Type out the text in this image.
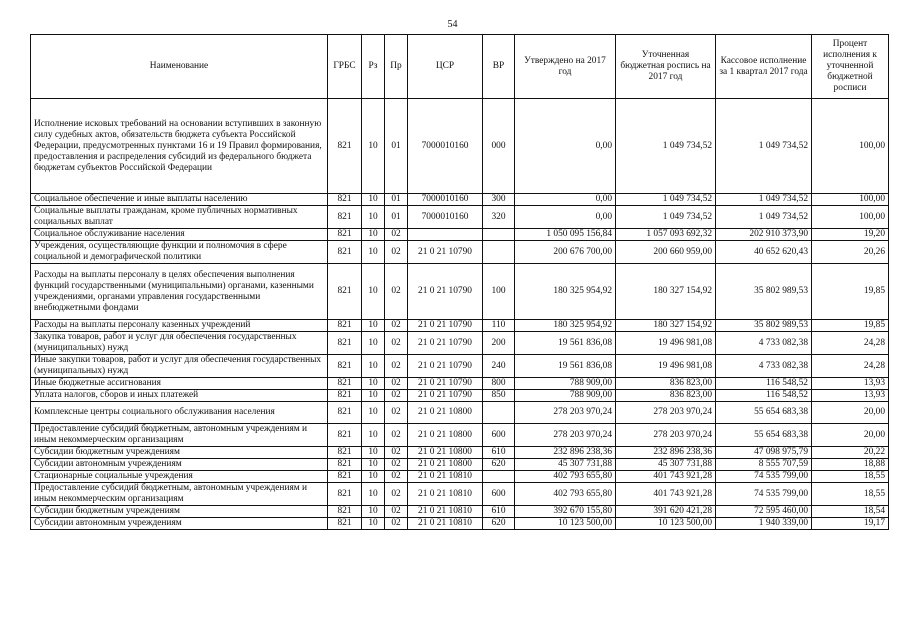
54
Наименование	ГРБС	Рз	Пр	ЦСР	ВР	Утверждено на 2017 год	Уточненная бюджетная роспись на 2017 год	Кассовое исполнение за 1 квартал 2017 года	Процент исполнения к уточненной бюджетной росписи
Исполнение исковых требований на основании вступивших в законную силу судебных актов, обязательств бюджета субъекта Российской Федерации, предусмотренных пунктами 16 и 19 Правил формирования, предоставления и распределения субсидий из федерального бюджета бюджетам субъектов Российской Федерации	821	10	01	7000010160	000	0,00	1 049 734,52	1 049 734,52	100,00
Социальное обеспечение и иные выплаты населению	821	10	01	7000010160	300	0,00	1 049 734,52	1 049 734,52	100,00
Социальные выплаты гражданам, кроме публичных нормативных социальных выплат	821	10	01	7000010160	320	0,00	1 049 734,52	1 049 734,52	100,00
Социальное обслуживание населения	821	10	02			1 050 095 156,84	1 057 093 692,32	202 910 373,90	19,20
Учреждения, осуществляющие функции и полномочия в сфере социальной и демографической политики	821	10	02	21 0 21 10790		200 676 700,00	200 660 959,00	40 652 620,43	20,26
Расходы на выплаты персоналу в целях обеспечения выполнения функций государственными (муниципальными) органами, казенными учреждениями, органами управления государственными внебюджетными фондами	821	10	02	21 0 21 10790	100	180 325 954,92	180 327 154,92	35 802 989,53	19,85
Расходы на выплаты персоналу казенных учреждений	821	10	02	21 0 21 10790	110	180 325 954,92	180 327 154,92	35 802 989,53	19,85
Закупка товаров, работ и услуг для обеспечения государственных (муниципальных) нужд	821	10	02	21 0 21 10790	200	19 561 836,08	19 496 981,08	4 733 082,38	24,28
Иные закупки товаров, работ и услуг для обеспечения государственных (муниципальных) нужд	821	10	02	21 0 21 10790	240	19 561 836,08	19 496 981,08	4 733 082,38	24,28
Иные бюджетные ассигнования	821	10	02	21 0 21 10790	800	788 909,00	836 823,00	116 548,52	13,93
Уплата налогов, сборов и иных платежей	821	10	02	21 0 21 10790	850	788 909,00	836 823,00	116 548,52	13,93
Комплексные центры социального обслуживания населения	821	10	02	21 0 21 10800		278 203 970,24	278 203 970,24	55 654 683,38	20,00
Предоставление субсидий бюджетным, автономным учреждениям и иным некоммерческим организациям	821	10	02	21 0 21 10800	600	278 203 970,24	278 203 970,24	55 654 683,38	20,00
Субсидии бюджетным учреждениям	821	10	02	21 0 21 10800	610	232 896 238,36	232 896 238,36	47 098 975,79	20,22
Субсидии автономным учреждениям	821	10	02	21 0 21 10800	620	45 307 731,88	45 307 731,88	8 555 707,59	18,88
Стационарные социальные учреждения	821	10	02	21 0 21 10810		402 793 655,80	401 743 921,28	74 535 799,00	18,55
Предоставление субсидий бюджетным, автономным учреждениям и иным некоммерческим организациям	821	10	02	21 0 21 10810	600	402 793 655,80	401 743 921,28	74 535 799,00	18,55
Субсидии бюджетным учреждениям	821	10	02	21 0 21 10810	610	392 670 155,80	391 620 421,28	72 595 460,00	18,54
Субсидии автономным учреждениям	821	10	02	21 0 21 10810	620	10 123 500,00	10 123 500,00	1 940 339,00	19,17
